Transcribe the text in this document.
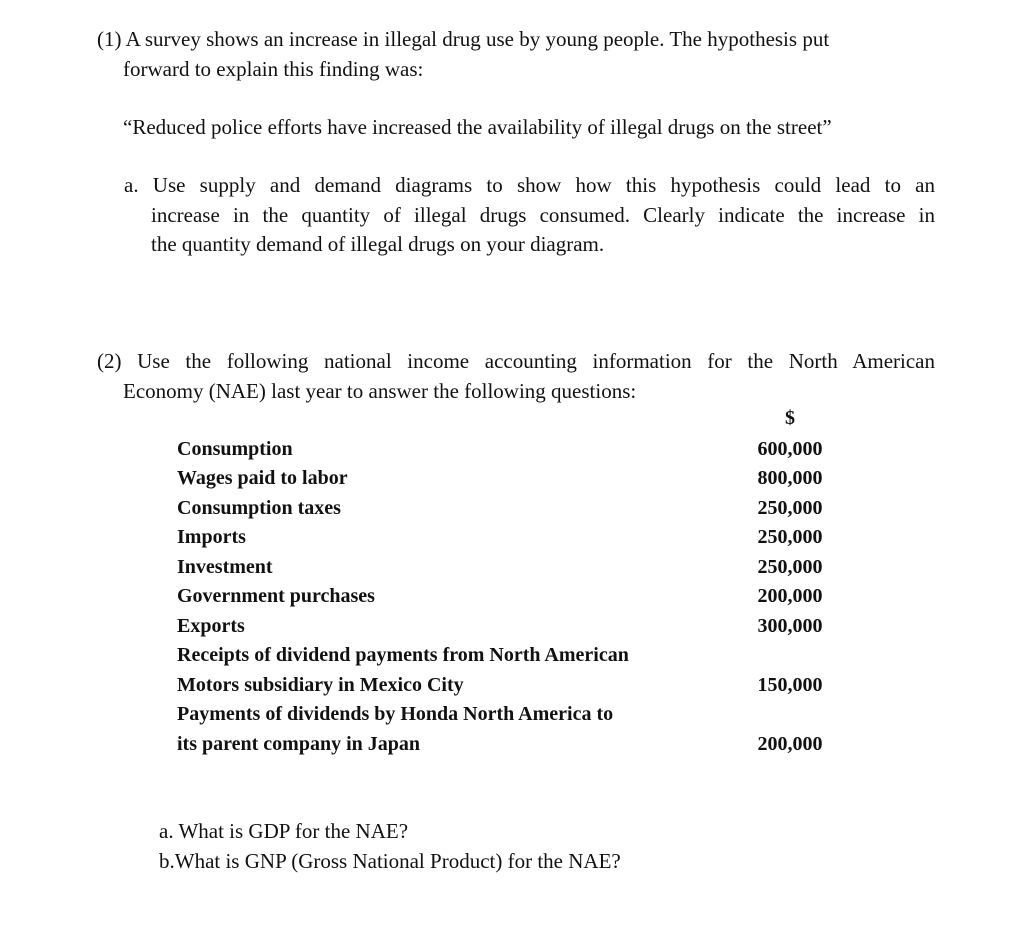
(1) A survey shows an increase in illegal drug use by young people. The hypothesis put
forward to explain this finding was:
“Reduced police efforts have increased the availability of illegal drugs on the street”
a. Use supply and demand diagrams to show how this hypothesis could lead to an
increase in the quantity of illegal drugs consumed. Clearly indicate the increase in
the quantity demand of illegal drugs on your diagram.
(2) Use the following national income accounting information for the North American
Economy (NAE) last year to answer the following questions:
$
Consumption	600,000
Wages paid to labor	800,000
Consumption taxes	250,000
Imports	250,000
Investment	250,000
Government purchases	200,000
Exports	300,000
Receipts of dividend payments from North American
Motors subsidiary in Mexico City	150,000
Payments of dividends by Honda North America to
its parent company in Japan	200,000
a. What is GDP for the NAE?
b.What is GNP (Gross National Product) for the NAE?
